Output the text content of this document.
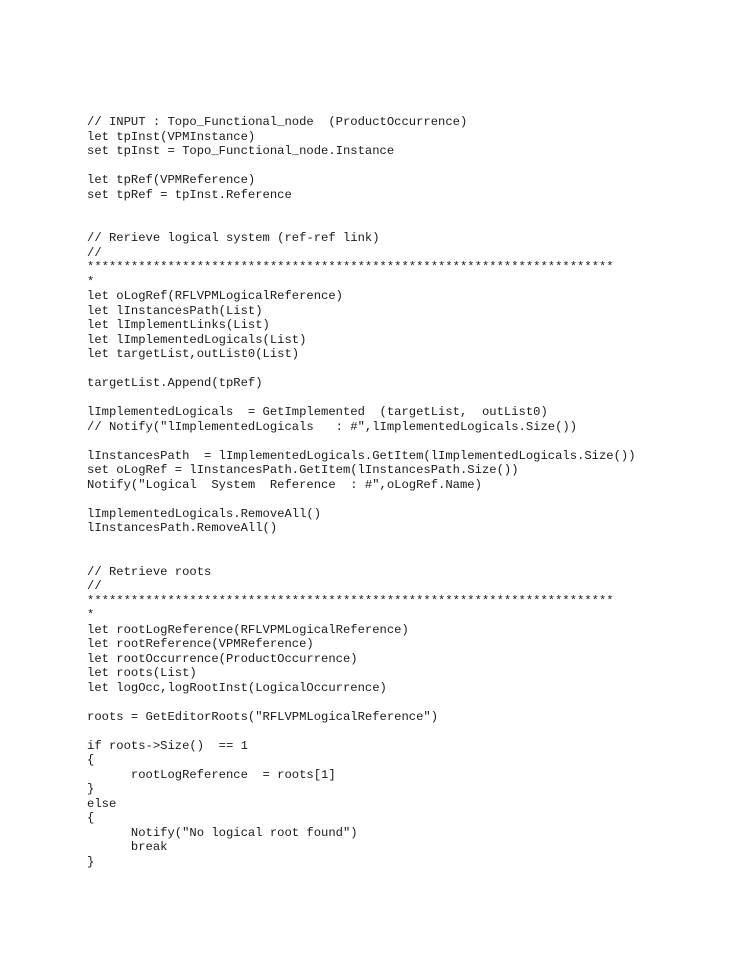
// INPUT : Topo_Functional_node  (ProductOccurrence)
let tpInst(VPMInstance)
set tpInst = Topo_Functional_node.Instance

let tpRef(VPMReference)
set tpRef = tpInst.Reference

// Rerieve logical system (ref-ref link)
//
************************************************************************
*
let oLogRef(RFLVPMLogicalReference)
let lInstancesPath(List)
let lImplementLinks(List)
let lImplementedLogicals(List)
let targetList,outList0(List)

targetList.Append(tpRef)

lImplementedLogicals  = GetImplemented  (targetList,  outList0)
// Notify("lImplementedLogicals   : #",lImplementedLogicals.Size())

lInstancesPath  = lImplementedLogicals.GetItem(lImplementedLogicals.Size())
set oLogRef = lInstancesPath.GetItem(lInstancesPath.Size())
Notify("Logical  System  Reference  : #",oLogRef.Name)

lImplementedLogicals.RemoveAll()
lInstancesPath.RemoveAll()

// Retrieve roots
//
************************************************************************
*
let rootLogReference(RFLVPMLogicalReference)
let rootReference(VPMReference)
let rootOccurrence(ProductOccurrence)
let roots(List)
let logOcc,logRootInst(LogicalOccurrence)

roots = GetEditorRoots("RFLVPMLogicalReference")

if roots->Size()  == 1
{
rootLogReference  = roots[1]
}
else
{
Notify("No logical root found")
break
}
